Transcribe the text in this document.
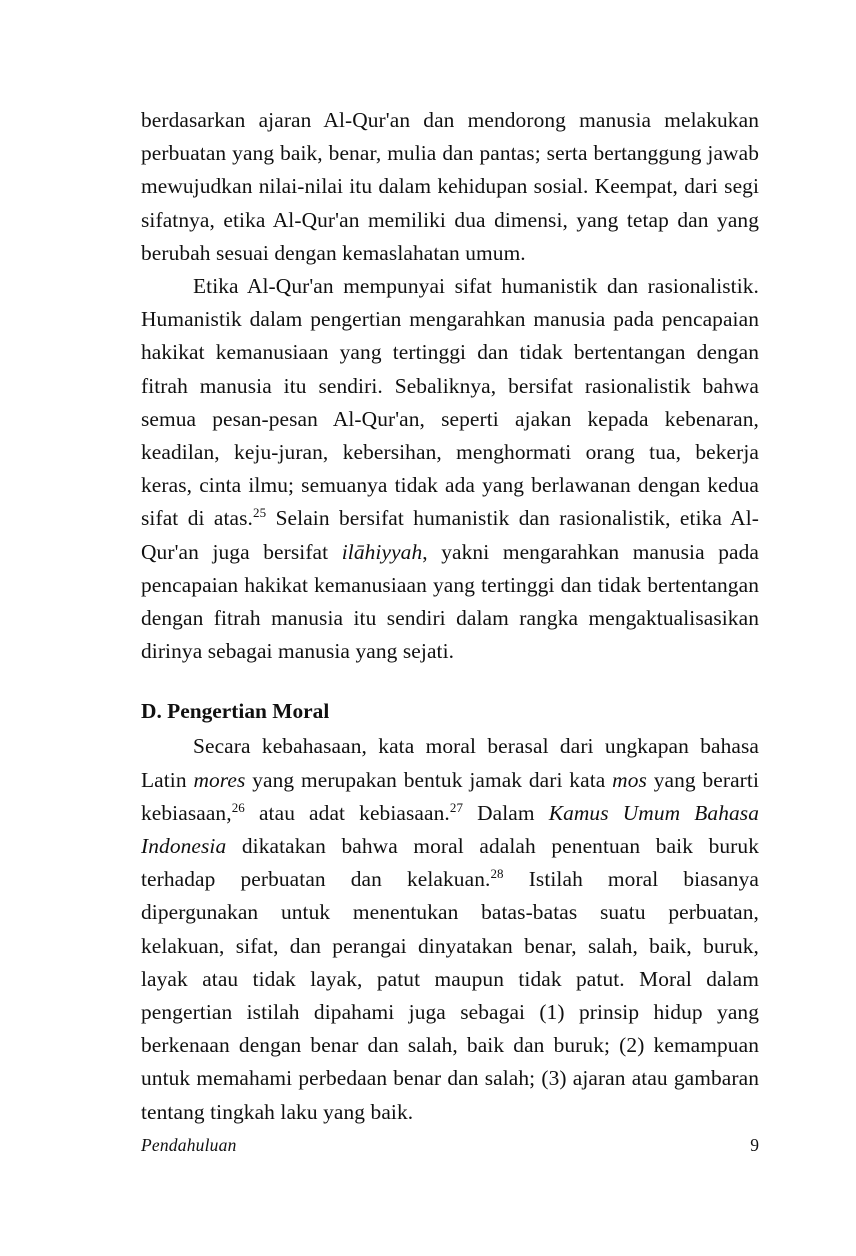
berdasarkan ajaran Al-Qur'an dan mendorong manusia melakukan perbuatan yang baik, benar, mulia dan pantas; serta bertanggung jawab mewujudkan nilai-nilai itu dalam kehidupan sosial. Keempat, dari segi sifatnya, etika Al-Qur'an memiliki dua dimensi, yang tetap dan yang berubah sesuai dengan kemaslahatan umum.

Etika Al-Qur'an mempunyai sifat humanistik dan rasionalistik. Humanistik dalam pengertian mengarahkan manusia pada pencapaian hakikat kemanusiaan yang tertinggi dan tidak bertentangan dengan fitrah manusia itu sendiri. Sebaliknya, bersifat rasionalistik bahwa semua pesan-pesan Al-Qur'an, seperti ajakan kepada kebenaran, keadilan, keju-juran, kebersihan, menghormati orang tua, bekerja keras, cinta ilmu; semuanya tidak ada yang berlawanan dengan kedua sifat di atas.$^{25}$ Selain bersifat humanistik dan rasionalistik, etika Al-Qur'an juga bersifat ilāhiyyah, yakni mengarahkan manusia pada pencapaian hakikat kemanusiaan yang tertinggi dan tidak bertentangan dengan fitrah manusia itu sendiri dalam rangka mengaktualisasikan dirinya sebagai manusia yang sejati.

D. Pengertian Moral

Secara kebahasaan, kata moral berasal dari ungkapan bahasa Latin mores yang merupakan bentuk jamak dari kata mos yang berarti kebiasaan,$^{26}$ atau adat kebiasaan.$^{27}$ Dalam Kamus Umum Bahasa Indonesia dikatakan bahwa moral adalah penentuan baik buruk terhadap perbuatan dan kelakuan.$^{28}$ Istilah moral biasanya dipergunakan untuk menentukan batas-batas suatu perbuatan, kelakuan, sifat, dan perangai dinyatakan benar, salah, baik, buruk, layak atau tidak layak, patut maupun tidak patut. Moral dalam pengertian istilah dipahami juga sebagai (1) prinsip hidup yang berkenaan dengan benar dan salah, baik dan buruk; (2) kemampuan untuk memahami perbedaan benar dan salah; (3) ajaran atau gambaran tentang tingkah laku yang baik.

Pendahuluan	9
